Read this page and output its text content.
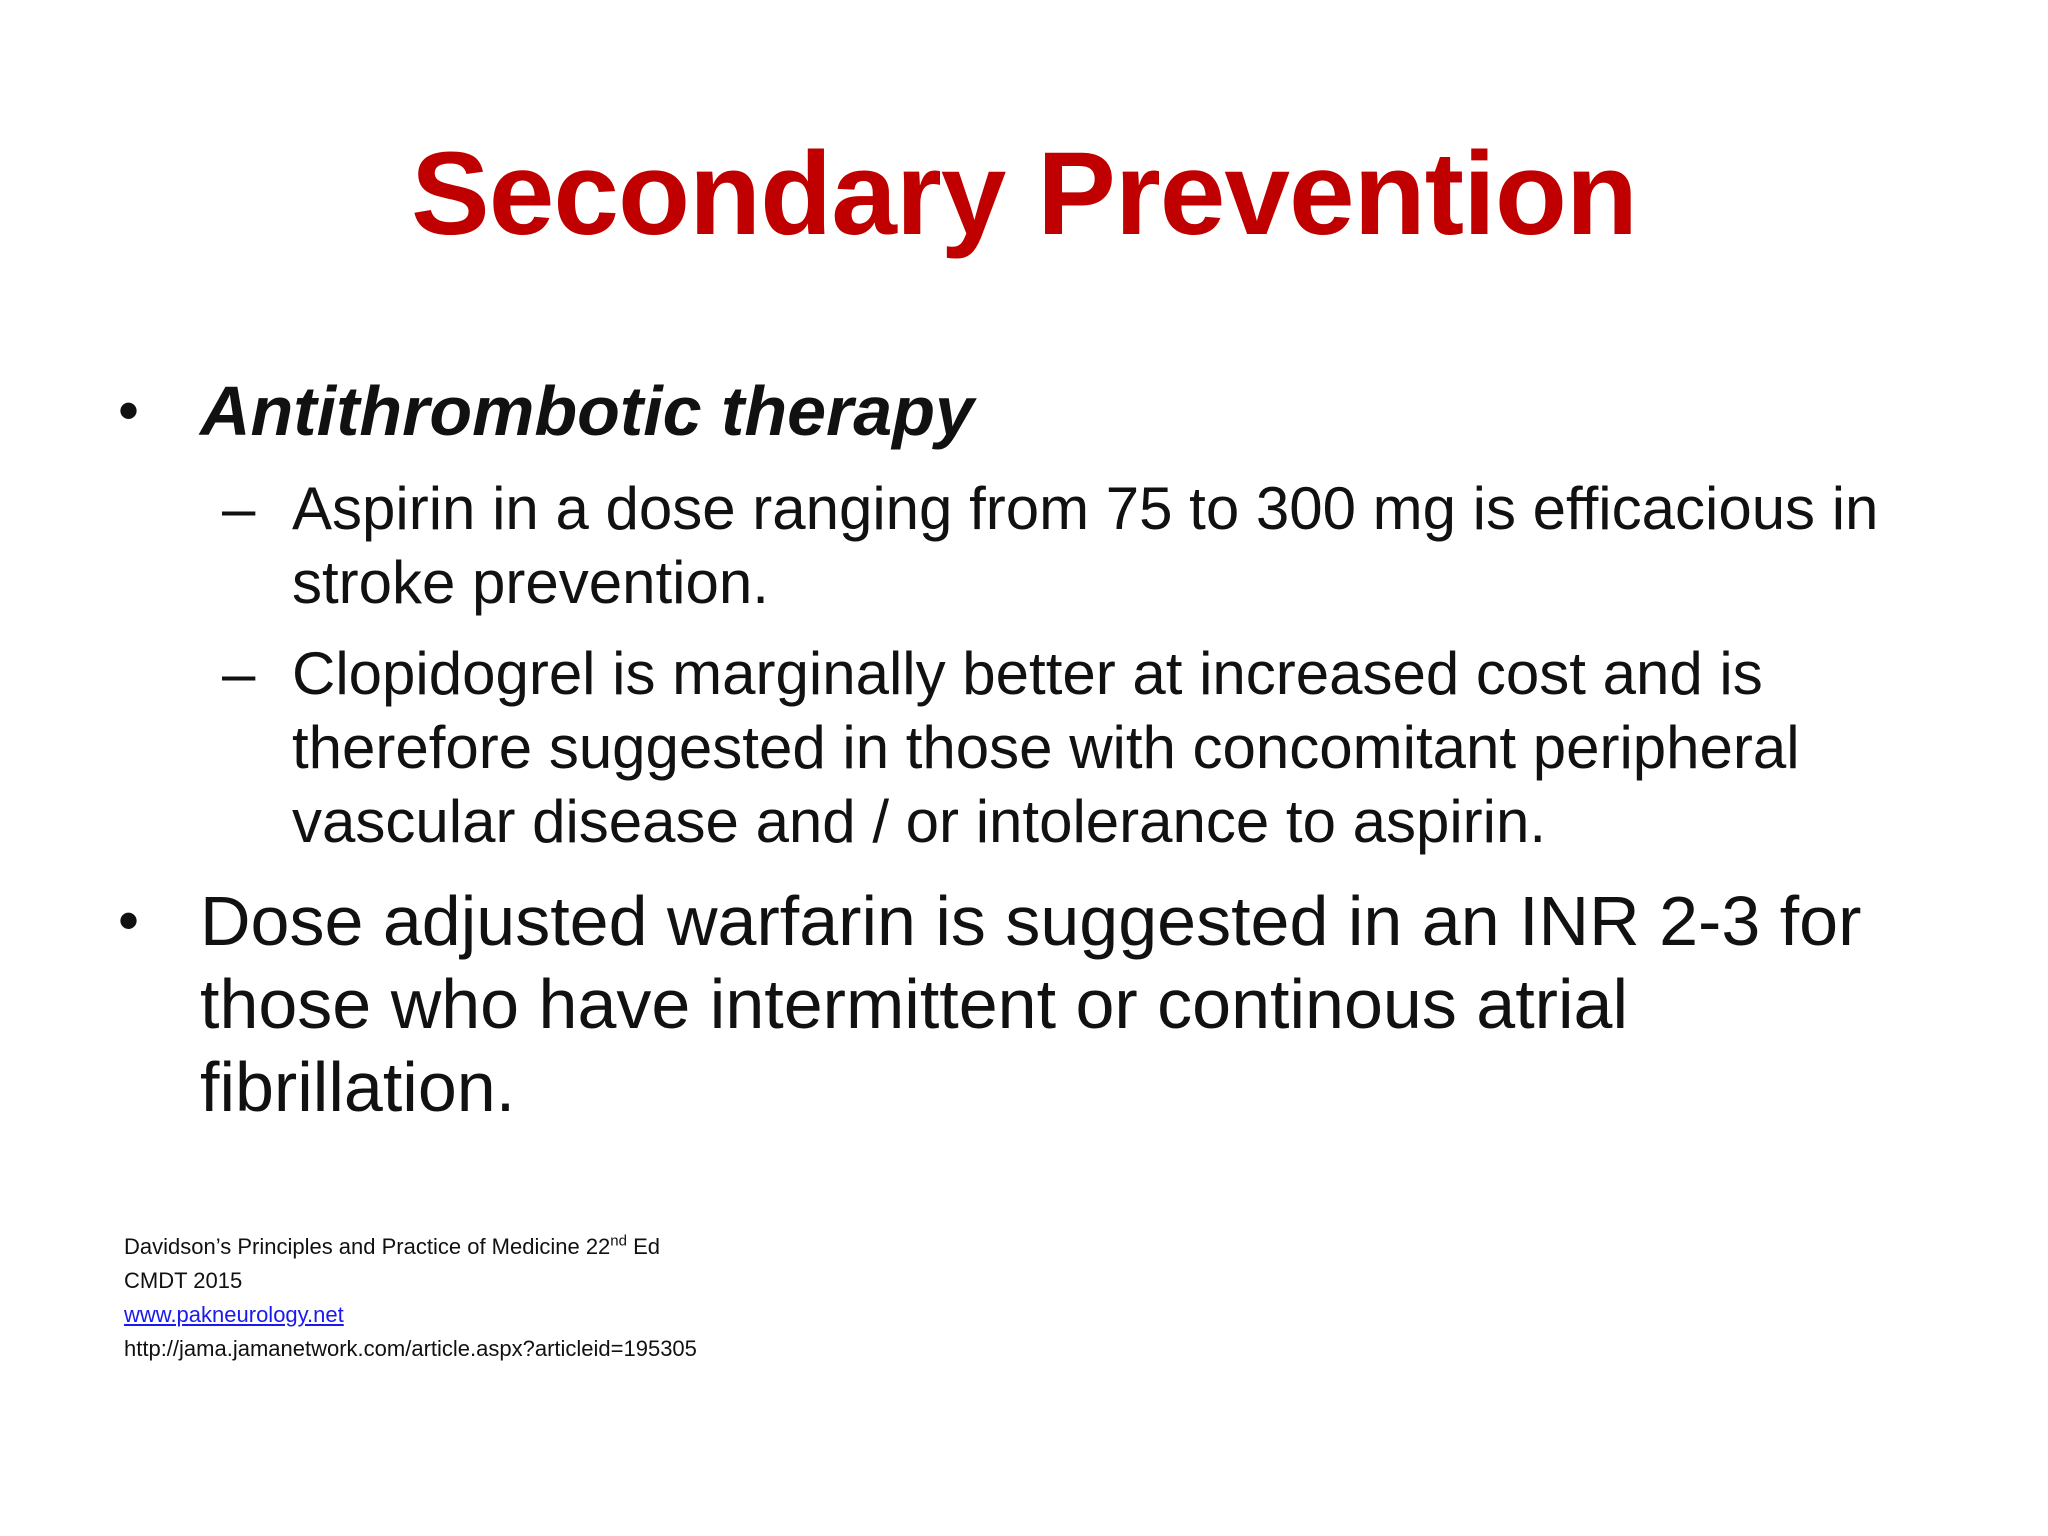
Secondary Prevention
• Antithrombotic therapy
– Aspirin in a dose ranging from 75 to 300 mg is efficacious in stroke prevention.
– Clopidogrel is marginally better at increased cost and is therefore suggested in those with concomitant peripheral vascular disease and / or intolerance to aspirin.
• Dose adjusted warfarin is suggested in an INR 2-3 for those who have intermittent or continous atrial fibrillation.
Davidson’s Principles and Practice of Medicine 22nd Ed
CMDT 2015
www.pakneurology.net
http://jama.jamanetwork.com/article.aspx?articleid=195305
